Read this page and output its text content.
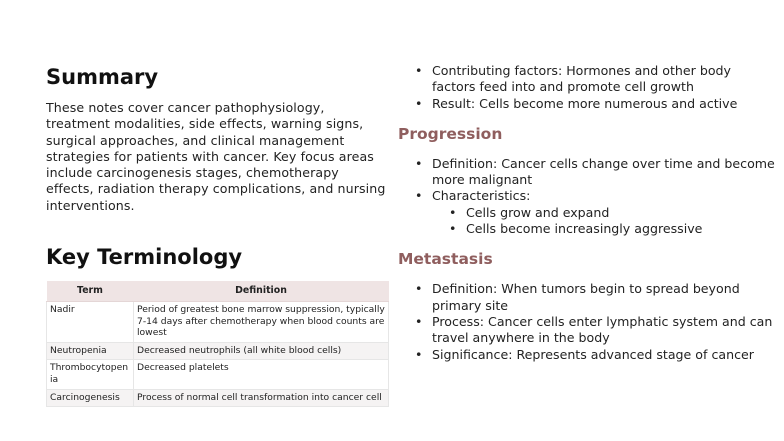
Summary

These notes cover cancer pathophysiology, treatment modalities, side effects, warning signs, surgical approaches, and clinical management strategies for patients with cancer. Key focus areas include carcinogenesis stages, chemotherapy effects, radiation therapy complications, and nursing interventions.

Key Terminology
Term	Definition
Nadir	Period of greatest bone marrow suppression, typically 7-14 days after chemotherapy when blood counts are lowest
Neutropenia	Decreased neutrophils (all white blood cells)
Thrombocytopenia	Decreased platelets
Carcinogenesis	Process of normal cell transformation into cancer cell
• Contributing factors: Hormones and other body factors feed into and promote cell growth
• Result: Cells become more numerous and active
Progression
• Definition: Cancer cells change over time and become more malignant
• Characteristics:
• Cells grow and expand
• Cells become increasingly aggressive
Metastasis
• Definition: When tumors begin to spread beyond primary site
• Process: Cancer cells enter lymphatic system and can travel anywhere in the body
• Significance: Represents advanced stage of cancer
